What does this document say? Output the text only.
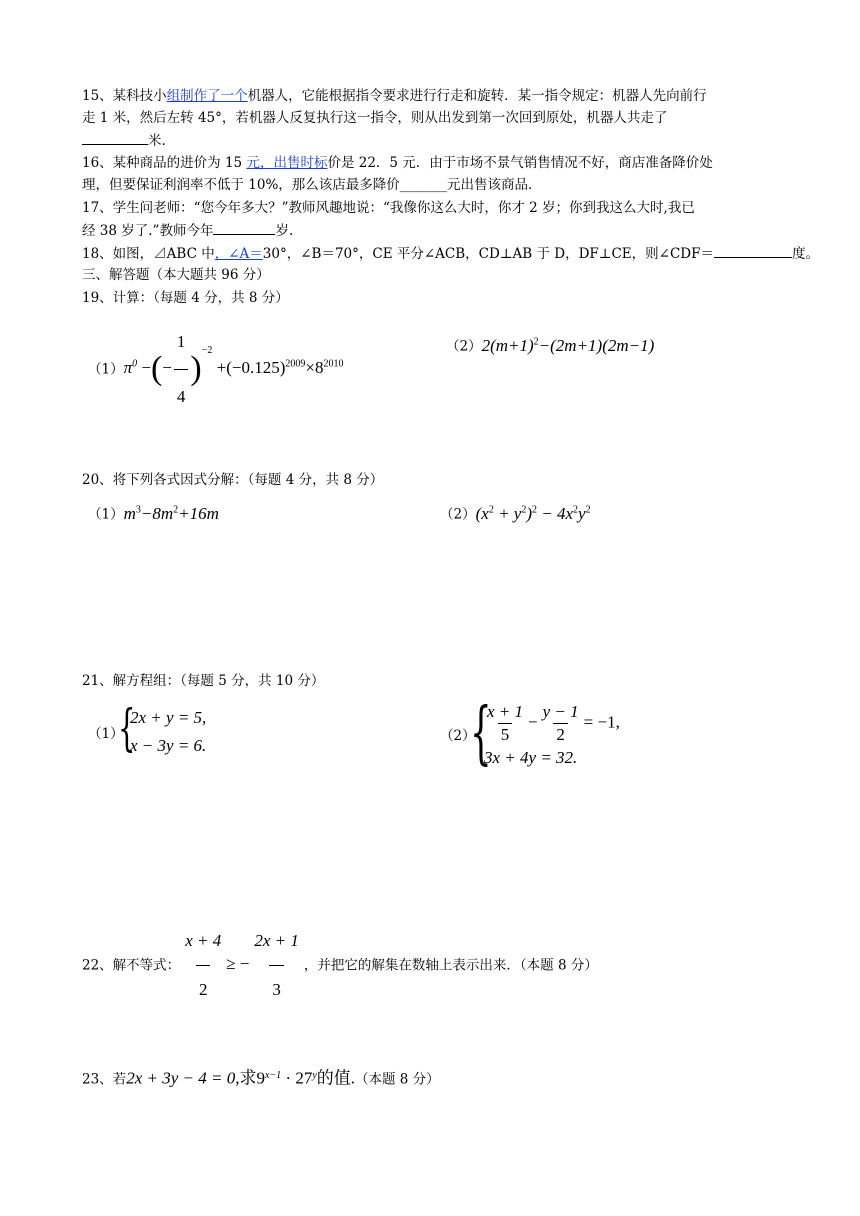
15、某科技小组制作了一个机器人，它能根据指令要求进行行走和旋转．某一指令规定：机器人先向前行
走 1 米，然后左转 45°，若机器人反复执行这一指令，则从出发到第一次回到原处，机器人共走了
米.
16、某种商品的进价为 15 元，出售时标价是 22．5 元．由于市场不景气销售情况不好，商店准备降价处
理，但要保证利润率不低于 10%，那么该店最多降价_______元出售该商品．
17、学生问老师：“您今年多大？”教师风趣地说：“我像你这么大时，你才 2 岁；你到我这么大时,我已
经 38 岁了.”教师今年	岁.
18、如图，⊿ABC 中，∠A＝30°，∠B＝70°，CE 平分∠ACB，CD⊥AB 于 D，DF⊥CE，则∠CDF＝	度。
三、解答题（本大题共 96 分）
19、计算：（每题 4 分，共 8 分）
$(1)\pi^0$ −(− $\frac{1}{4} )^{-2} +(-0.125)^{2009}\times 8^{2010}$
$(2)2(m+1)^2-(2m+1)(2m-1)$
20、将下列各式因式分解：（每题 4 分，共 8 分）
$(1)m^3-8m^2+16m$	$(2)(x^2 + y^2)^2 - 4x^2y^2$
21、解方程组：（每题 5 分，共 10 分）
（1）
{
2x + y = 5,
x − 3y = 6.	（2）
{
$\frac{x + 1}{5} - \frac{y - 1}{2} = -1$,
3x + 4y = 32.
22、解不等式： $\frac{x + 4}{2}$ ≥ − $\frac{2x + 1}{3}$ ，并把它的解集在数轴上表示出来．（本题 8 分）
23、若2x + 3y − 4 = 0,求$9^{x-1} \cdot 27^y$的值.（本题 8 分）
